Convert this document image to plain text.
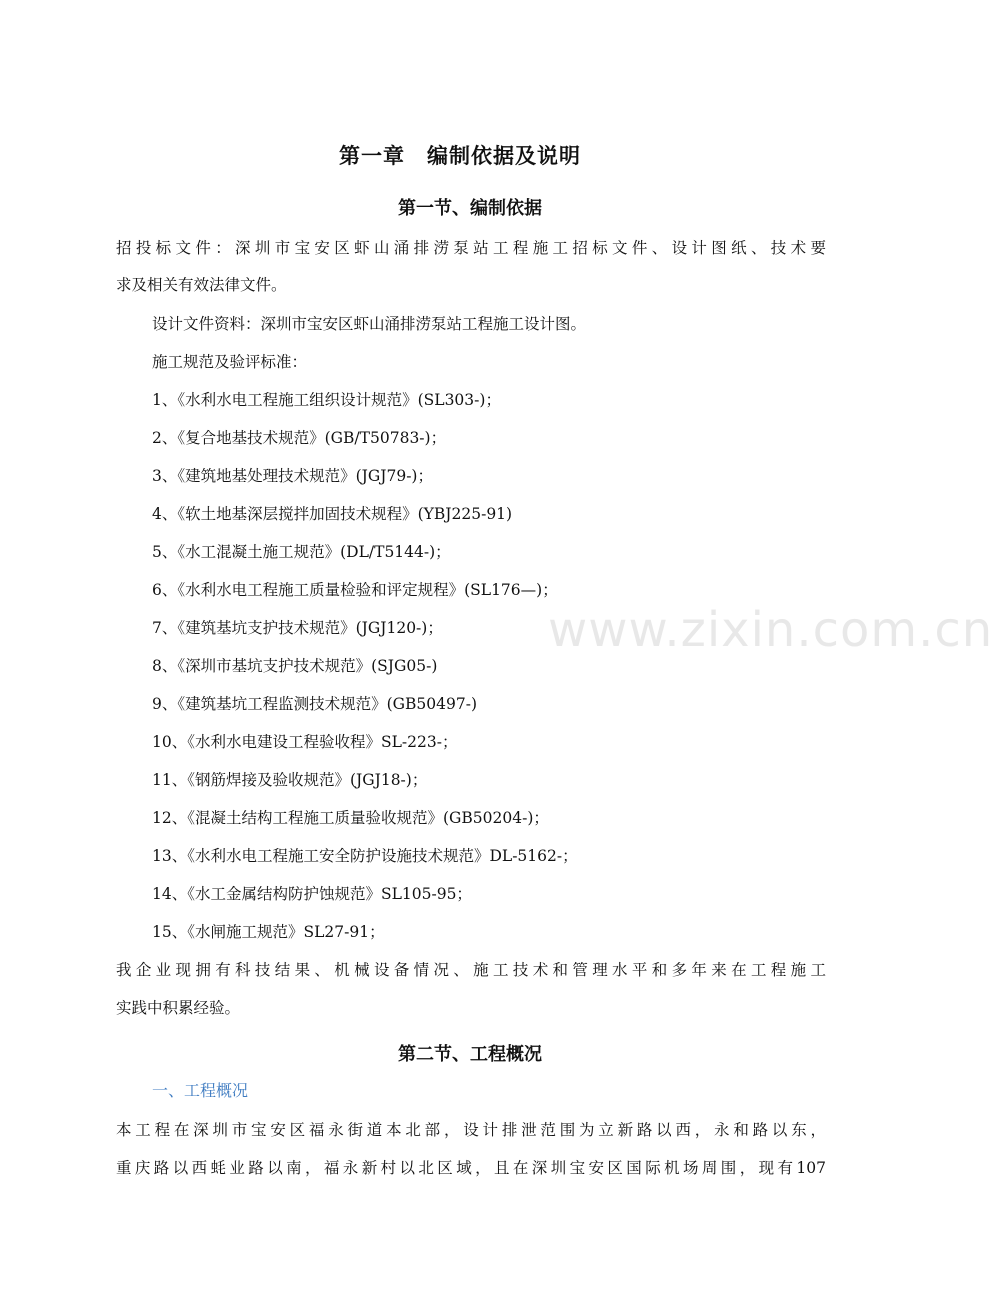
第一章　编制依据及说明
第一节、编制依据
招投标文件：深圳市宝安区虾山涌排涝泵站工程施工招标文件、设计图纸、技术要
求及相关有效法律文件。
设计文件资料：深圳市宝安区虾山涌排涝泵站工程施工设计图。
施工规范及验评标准：
1、《水利水电工程施工组织设计规范》(SL303-)；
2、《复合地基技术规范》(GB/T50783-)；
3、《建筑地基处理技术规范》(JGJ79-)；
4、《软土地基深层搅拌加固技术规程》(YBJ225-91)
5、《水工混凝土施工规范》(DL/T5144-)；
6、《水利水电工程施工质量检验和评定规程》(SL176—)；
7、《建筑基坑支护技术规范》(JGJ120-)；
8、《深圳市基坑支护技术规范》(SJG05-)
9、《建筑基坑工程监测技术规范》(GB50497-)
10、《水利水电建设工程验收程》SL-223-；
11、《钢筋焊接及验收规范》(JGJ18-)；
12、《混凝土结构工程施工质量验收规范》(GB50204-)；
13、《水利水电工程施工安全防护设施技术规范》DL-5162-；
14、《水工金属结构防护蚀规范》SL105-95；
15、《水闸施工规范》SL27-91；
我企业现拥有科技结果、机械设备情况、施工技术和管理水平和多年来在工程施工
实践中积累经验。
第二节、工程概况
一、工程概况
本工程在深圳市宝安区福永街道本北部，设计排泄范围为立新路以西，永和路以东，
重庆路以西蚝业路以南，福永新村以北区域，且在深圳宝安区国际机场周围，现有107
www.zixin.com.cn
